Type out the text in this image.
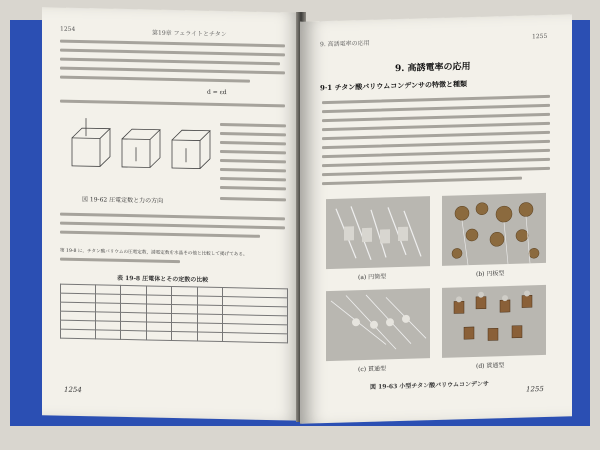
1254
第19章 フェライトとチタン
d = εd
図 19-62 圧電定数と力の方向
第 19-8 に，チタン酸バリウムの圧電定数，誘電定数を水晶その他と比較して掲げてある。
表 19-8 圧電体とその定数の比較

1254
9. 高誘電率の応用
1255
9. 高誘電率の応用
9·1 チタン酸バリウムコンデンサの特徴と種類
(a) 円筒型	(b) 円板型
(c) 貫通型	(d) 貫通型
図 19-63 小型チタン酸バリウムコンデンサ	1255
